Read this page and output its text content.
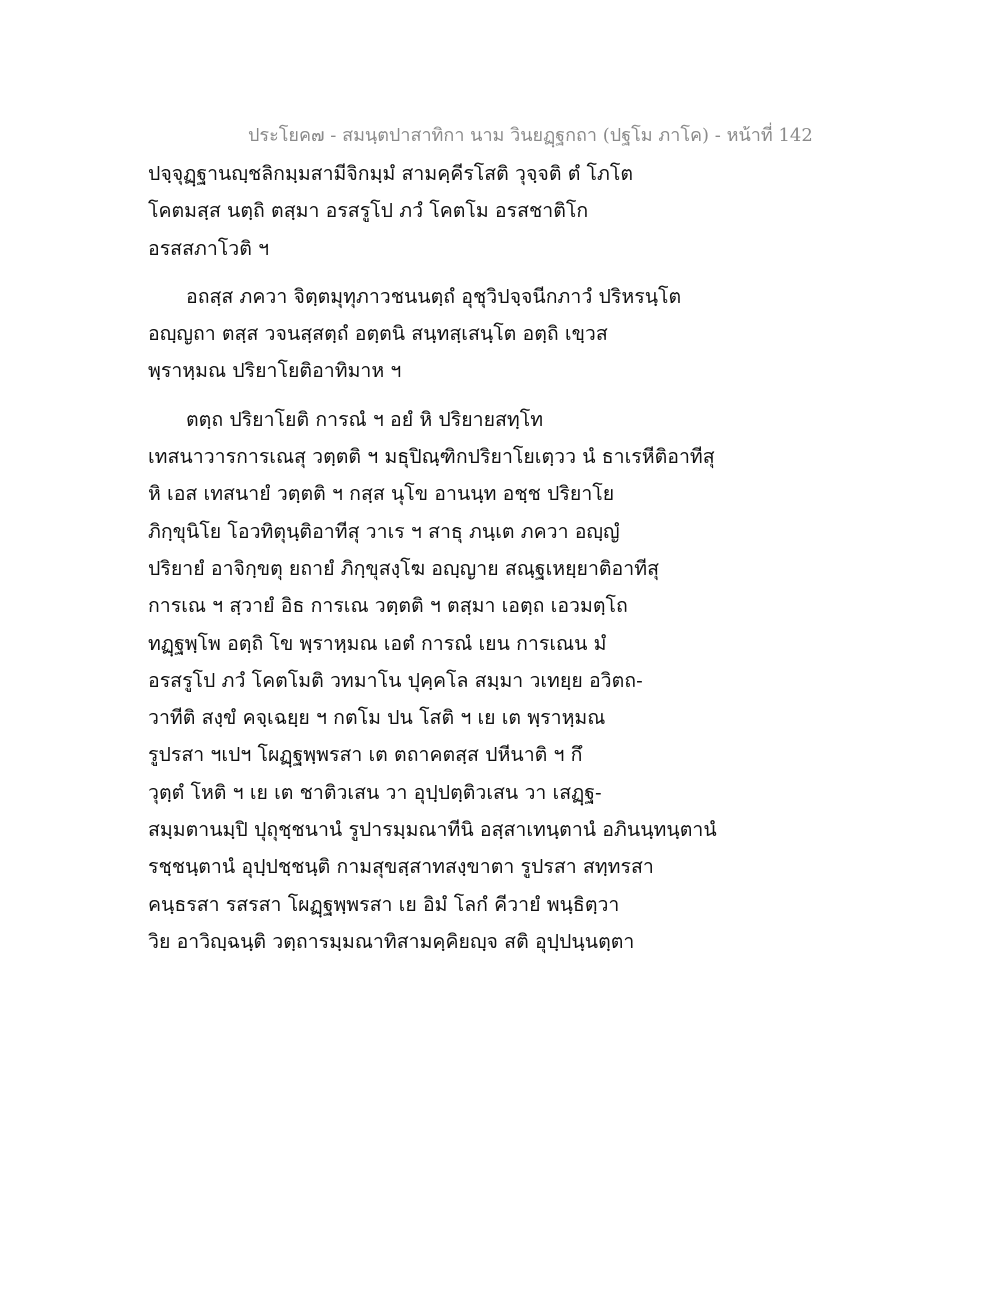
ประโยค๗ - สมนฺตปาสาทิกา นาม วินยฏฺฐกถา (ปฐโม ภาโค) - หน้าที่ 142
ปจฺจุฏฺฐานญฺชลิกมฺมสามีจิกมฺมํ สามคฺคีรโสติ วุจฺจติ ตํ โภโต
โคตมสฺส นตฺถิ ตสฺมา อรสรูโป ภวํ โคตโม อรสชาติโก
อรสสภาโวติ ฯ
อถสฺส ภควา จิตฺตมุทุภาวชนนตฺถํ อุชุวิปจฺจนีกภาวํ ปริหรนฺโต
อญฺญถา ตสฺส วจนสฺสตฺถํ อตฺตนิ สนฺทสฺเสนฺโต อตฺถิ เขฺวส
พฺราหฺมณ ปริยาโยติอาทิมาห ฯ
ตตฺถ ปริยาโยติ การณํ ฯ อยํ หิ ปริยายสทฺโท
เทสนาวารการเณสุ วตฺตติ ฯ มธุปิณฺฑิกปริยาโยเตฺวว นํ ธาเรหีติอาทีสุ
หิ เอส เทสนายํ วตฺตติ ฯ กสฺส นุโข อานนฺท อชฺช ปริยาโย
ภิกฺขุนิโย โอวทิตุนฺติอาทีสุ วาเร ฯ สาธุ ภนฺเต ภควา อญฺญํ
ปริยายํ อาจิกฺขตุ ยถายํ ภิกฺขุสงฺโฆ อญฺญาย สณฺฐเหยฺยาติอาทีสุ
การเณ ฯ สฺวายํ อิธ การเณ วตฺตติ ฯ ตสฺมา เอตฺถ เอวมตฺโถ
ทฏฺฐพฺโพ อตฺถิ โข พฺราหฺมณ เอตํ การณํ เยน การเณน มํ
อรสรูโป ภวํ โคตโมติ วทมาโน ปุคฺคโล สมฺมา วเทยฺย อวิตถ-
วาทีติ สงฺขํ คจฺเฉยฺย ฯ กตโม ปน โสติ ฯ เย เต พฺราหฺมณ
รูปรสา ฯเปฯ โผฏฺฐพฺพรสา เต ตถาคตสฺส ปหีนาติ ฯ กึ
วุตฺตํ โหติ ฯ เย เต ชาติวเสน วา อุปฺปตฺติวเสน วา เสฏฺฐ-
สมฺมตานมฺปิ ปุถุชฺชนานํ รูปารมฺมณาทีนิ อสฺสาเทนฺตานํ อภินนฺทนฺตานํ
รชฺชนฺตานํ อุปฺปชฺชนฺติ กามสุขสฺสาทสงฺขาตา รูปรสา สทฺทรสา
คนฺธรสา รสรสา โผฏฺฐพฺพรสา เย อิมํ โลกํ คีวายํ พนฺธิตฺวา
วิย อาวิญฺฉนฺติ วตฺถารมฺมณาทิสามคฺคิยญฺจ สติ อุปฺปนฺนตฺตา
